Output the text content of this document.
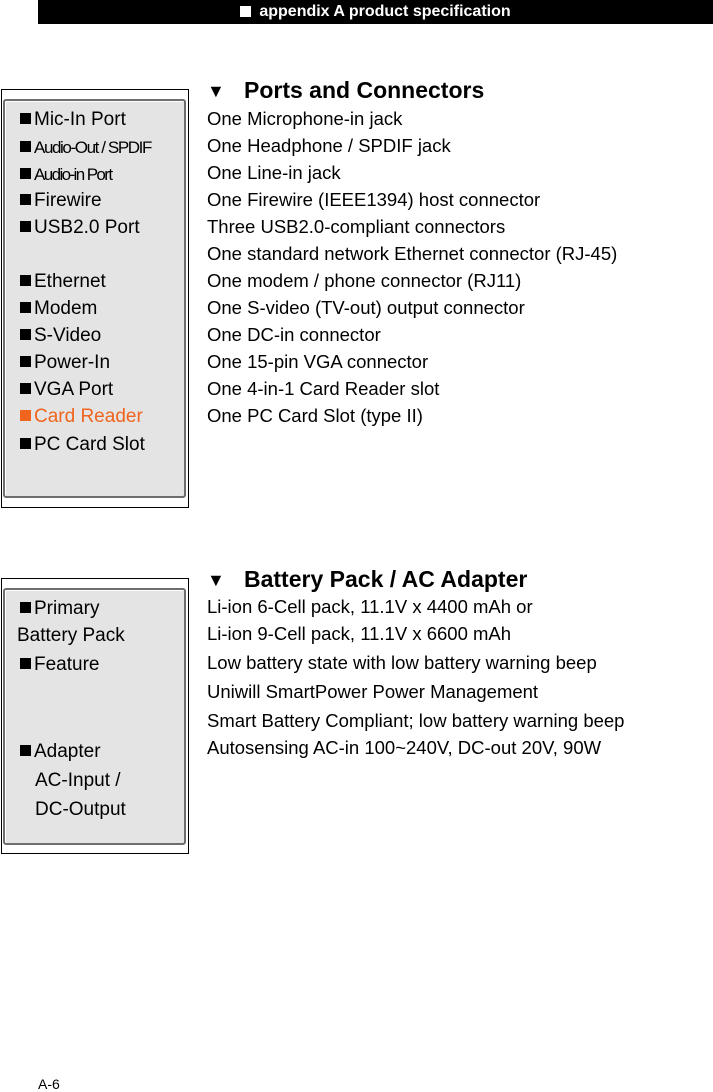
appendix A product specification
Mic-In Port
Audio-Out / SPDIF
Audio-in Port
Firewire
USB2.0 Port
Ethernet
Modem
S-Video
Power-In
VGA Port
Card Reader
PC Card Slot
▼ Ports and Connectors
One Microphone-in jack
One Headphone / SPDIF jack
One Line-in jack
One Firewire (IEEE1394) host connector
Three USB2.0-compliant connectors
One standard network Ethernet connector (RJ-45)
One modem / phone connector (RJ11)
One S-video (TV-out) output connector
One DC-in connector
One 15-pin VGA connector
One 4-in-1 Card Reader slot
One PC Card Slot (type II)
Primary
Battery Pack
Feature
Adapter
AC-Input /
DC-Output
▼ Battery Pack / AC Adapter
Li-ion 6-Cell pack, 11.1V x 4400 mAh or
Li-ion 9-Cell pack, 11.1V x 6600 mAh
Low battery state with low battery warning beep
Uniwill SmartPower Power Management
Smart Battery Compliant; low battery warning beep
Autosensing AC-in 100~240V, DC-out 20V, 90W
A-6
